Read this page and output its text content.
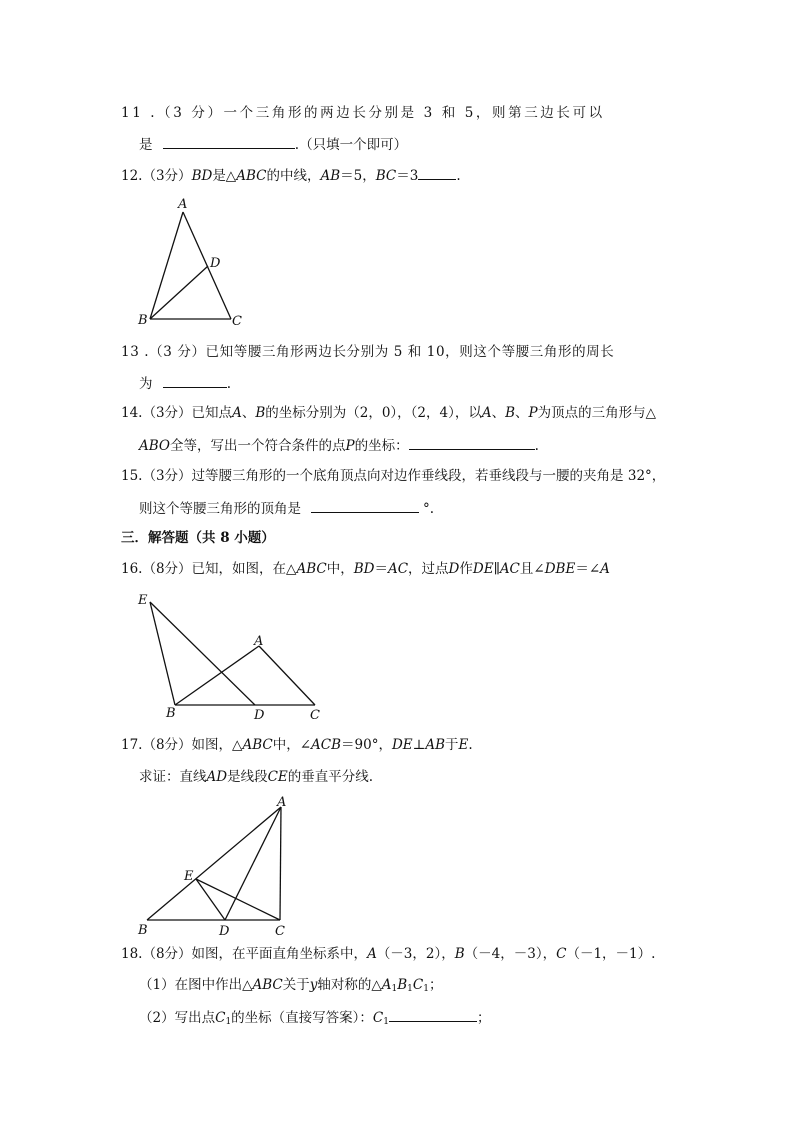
11 .（3 分）一个三角形的两边长分别是 3 和 5，则第三边长可以
是	.（只填一个即可）
12.（3分）BD是△ABC的中线，AB＝5，BC＝3	.
A
B	C
D
13 .（3 分）已知等腰三角形两边长分别为 5 和 10，则这个等腰三角形的周长
为	.
14.（3分）已知点A、B的坐标分别为（2，0），（2，4），以A、B、P为顶点的三角形与△
ABO全等，写出一个符合条件的点P的坐标：	.
15.（3分）过等腰三角形的一个底角顶点向对边作垂线段，若垂线段与一腰的夹角是 32°，
则这个等腰三角形的顶角是	°.
三．解答题（共 8 小题）
16.（8分）已知，如图，在△ABC中，BD＝AC，过点D作DE∥AC且∠DBE＝∠A
E
A
B	D	C
17.（8分）如图，△ABC中，∠ACB＝90°，DE⊥AB于E.
求证：直线AD是线段CE的垂直平分线.
A
E
B	D	C
18.（8分）如图，在平面直角坐标系中，A（－3，2），B（－4，－3），C（－1，－1）.
（1）在图中作出△ABC关于y轴对称的$\triangle A_1B_1C_1$；
（2）写出点$C_1$的坐标（直接写答案）：$C_1$	；
